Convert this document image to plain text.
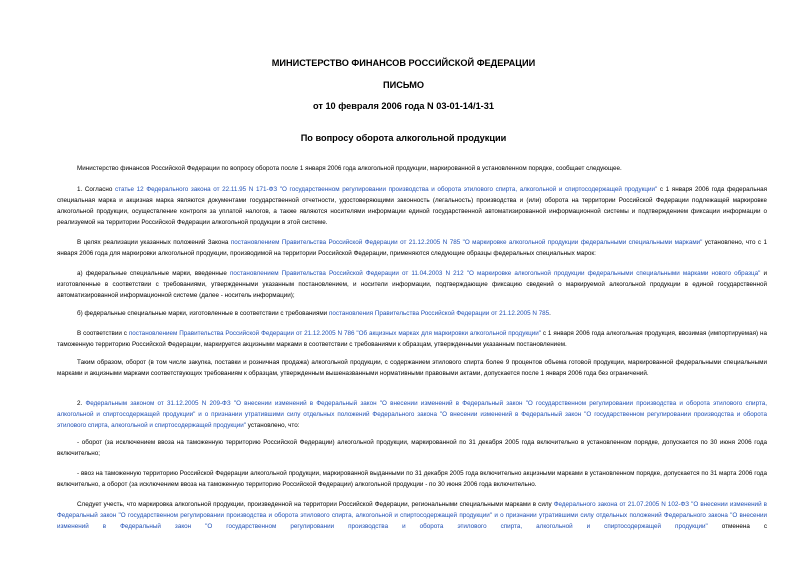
МИНИСТЕРСТВО ФИНАНСОВ РОССИЙСКОЙ ФЕДЕРАЦИИ
ПИСЬМО
от 10 февраля 2006 года N 03-01-14/1-31
По вопросу оборота алкогольной продукции
Министерство финансов Российской Федерации по вопросу оборота после 1 января 2006 года алкогольной продукции, маркированной в установленном порядке, сообщает следующее.
1. Согласно статье 12 Федерального закона от 22.11.95 N 171-ФЗ "О государственном регулировании производства и оборота этилового спирта, алкогольной и спиртосодержащей продукции" с 1 января 2006 года федеральная специальная марка и акцизная марка являются документами государственной отчетности, удостоверяющими законность (легальность) производства и (или) оборота на территории Российской Федерации подлежащей маркировке алкогольной продукции, осуществление контроля за уплатой налогов, а также являются носителями информации единой государственной автоматизированной информационной системы и подтверждением фиксации информации о реализуемой на территории Российской Федерации алкогольной продукции в этой системе.
В целях реализации указанных положений Закона постановлением Правительства Российской Федерации от 21.12.2005 N 785 "О маркировке алкогольной продукции федеральными специальными марками" установлено, что с 1 января 2006 года для маркировки алкогольной продукции, производимой на территории Российской Федерации, применяются следующие образцы федеральных специальных марок:
а) федеральные специальные марки, введенные постановлением Правительства Российской Федерации от 11.04.2003 N 212 "О маркировке алкогольной продукции федеральными специальными марками нового образца" и изготовленные в соответствии с требованиями, утвержденными указанным постановлением, и носители информации, подтверждающие фиксацию сведений о маркируемой алкогольной продукции в единой государственной автоматизированной информационной системе (далее - носитель информации);
б) федеральные специальные марки, изготовленные в соответствии с требованиями постановления Правительства Российской Федерации от 21.12.2005 N 785.
В соответствии с постановлением Правительства Российской Федерации от 21.12.2005 N 786 "Об акцизных марках для маркировки алкогольной продукции" с 1 января 2006 года алкогольная продукция, ввозимая (импортируемая) на таможенную территорию Российской Федерации, маркируется акцизными марками в соответствии с требованиями к образцам, утвержденными указанным постановлением.
Таким образом, оборот (в том числе закупка, поставки и розничная продажа) алкогольной продукции, с содержанием этилового спирта более 9 процентов объема готовой продукции, маркированной федеральными специальными марками и акцизными марками соответствующих требованиям к образцам, утвержденным вышеназванными нормативными правовыми актами, допускается после 1 января 2006 года без ограничений.
2. Федеральным законом от 31.12.2005 N 209-ФЗ "О внесении изменений в Федеральный закон "О внесении изменений в Федеральный закон "О государственном регулировании производства и оборота этилового спирта, алкогольной и спиртосодержащей продукции" и о признании утратившими силу отдельных положений Федерального закона "О внесении изменений в Федеральный закон "О государственном регулировании производства и оборота этилового спирта, алкогольной и спиртосодержащей продукции" установлено, что:
- оборот (за исключением ввоза на таможенную территорию Российской Федерации) алкогольной продукции, маркированной по 31 декабря 2005 года включительно в установленном порядке, допускается по 30 июня 2006 года включительно;
- ввоз на таможенную территорию Российской Федерации алкогольной продукции, маркированной выданными по 31 декабря 2005 года включительно акцизными марками в установленном порядке, допускается по 31 марта 2006 года включительно, а оборот (за исключением ввоза на таможенную территорию Российской Федерации) алкогольной продукции - по 30 июня 2006 года включительно.
Следует учесть, что маркировка алкогольной продукции, произведенной на территории Российской Федерации, региональными специальными марками в силу Федерального закона от 21.07.2005 N 102-ФЗ "О внесении изменений в Федеральный закон "О государственном регулировании производства и оборота этилового спирта, алкогольной и спиртосодержащей продукции" и о признании утратившими силу отдельных положений Федерального закона "О внесении изменений в Федеральный закон "О государственном регулировании производства и оборота этилового спирта, алкогольной и спиртосодержащей продукции" отменена с
